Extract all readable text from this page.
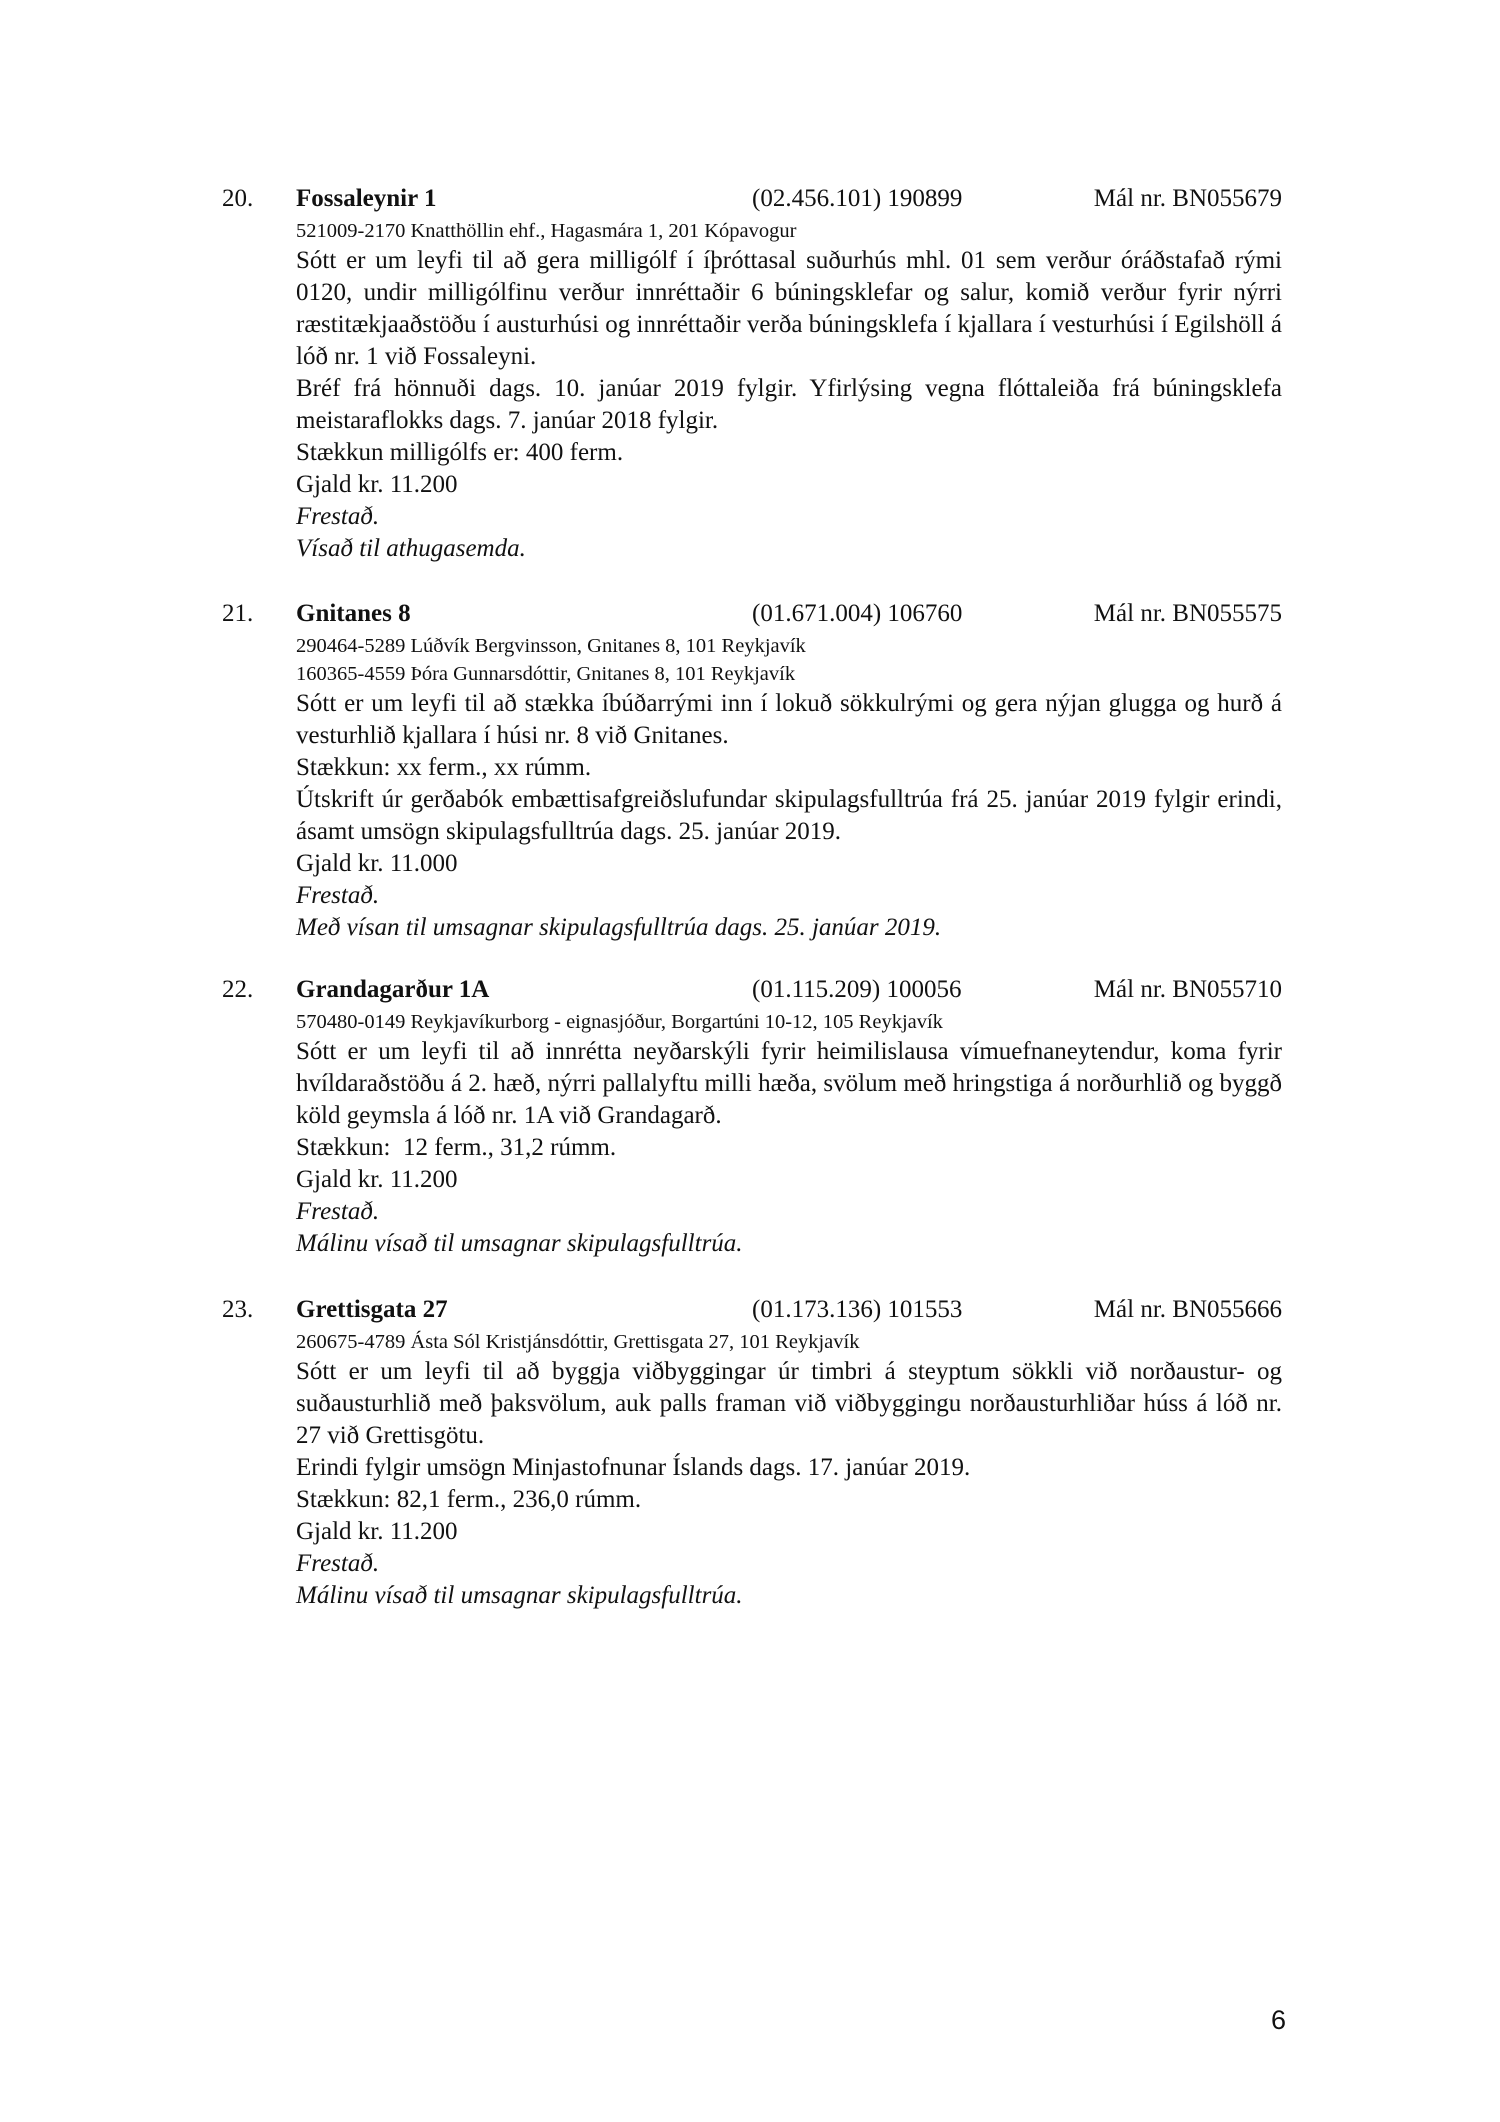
20. Fossaleynir 1	(02.456.101) 190899	Mál nr. BN055679
521009-2170 Knatthöllin ehf., Hagasmára 1, 201 Kópavogur
Sótt er um leyfi til að gera milligólf í íþróttasal suðurhús mhl. 01 sem verður óráðstafað rými 0120, undir milligólfinu verður innréttaðir 6 búningsklefar og salur, komið verður fyrir nýrri ræstitækjaaðstöðu í austurhúsi og innréttaðir verða búningsklefa í kjallara í vesturhúsi í Egilshöll á lóð nr. 1 við Fossaleyni.
Bréf frá hönnuði dags. 10. janúar 2019 fylgir. Yfirlýsing vegna flóttaleiða frá búningsklefa meistaraflokks dags. 7. janúar 2018 fylgir.
Stækkun milligólfs er: 400 ferm.
Gjald kr. 11.200
Frestað.
Vísað til athugasemda.
21. Gnitanes 8	(01.671.004) 106760	Mál nr. BN055575
290464-5289 Lúðvík Bergvinsson, Gnitanes 8, 101 Reykjavík
160365-4559 Þóra Gunnarsdóttir, Gnitanes 8, 101 Reykjavík
Sótt er um leyfi til að stækka íbúðarrými inn í lokuð sökkulrými og gera nýjan glugga og hurð á vesturhlið kjallara í húsi nr. 8 við Gnitanes.
Stækkun: xx ferm., xx rúmm.
Útskrift úr gerðabók embættisafgreiðslufundar skipulagsfulltrúa frá 25. janúar 2019 fylgir erindi, ásamt umsögn skipulagsfulltrúa dags. 25. janúar 2019.
Gjald kr. 11.000
Frestað.
Með vísan til umsagnar skipulagsfulltrúa dags. 25. janúar 2019.
22. Grandagarður 1A	(01.115.209) 100056	Mál nr. BN055710
570480-0149 Reykjavíkurborg - eignasjóður, Borgartúni 10-12, 105 Reykjavík
Sótt er um leyfi til að innrétta neyðarskýli fyrir heimilislausa vímuefnaneytendur, koma fyrir hvíldaraðstöðu á 2. hæð, nýrri pallalyftu milli hæða, svölum með hringstiga á norðurhlið og byggð köld geymsla á lóð nr. 1A við Grandagarð.
Stækkun:  12 ferm., 31,2 rúmm.
Gjald kr. 11.200
Frestað.
Málinu vísað til umsagnar skipulagsfulltrúa.
23. Grettisgata 27	(01.173.136) 101553	Mál nr. BN055666
260675-4789 Ásta Sól Kristjánsdóttir, Grettisgata 27, 101 Reykjavík
Sótt er um leyfi til að byggja viðbyggingar úr timbri á steyptum sökkli við norðaustur- og suðausturhlið með þaksvölum, auk palls framan við viðbyggingu norðausturhliðar húss á lóð nr. 27 við Grettisgötu.
Erindi fylgir umsögn Minjastofnunar Íslands dags. 17. janúar 2019.
Stækkun: 82,1 ferm., 236,0 rúmm.
Gjald kr. 11.200
Frestað.
Málinu vísað til umsagnar skipulagsfulltrúa.
6
